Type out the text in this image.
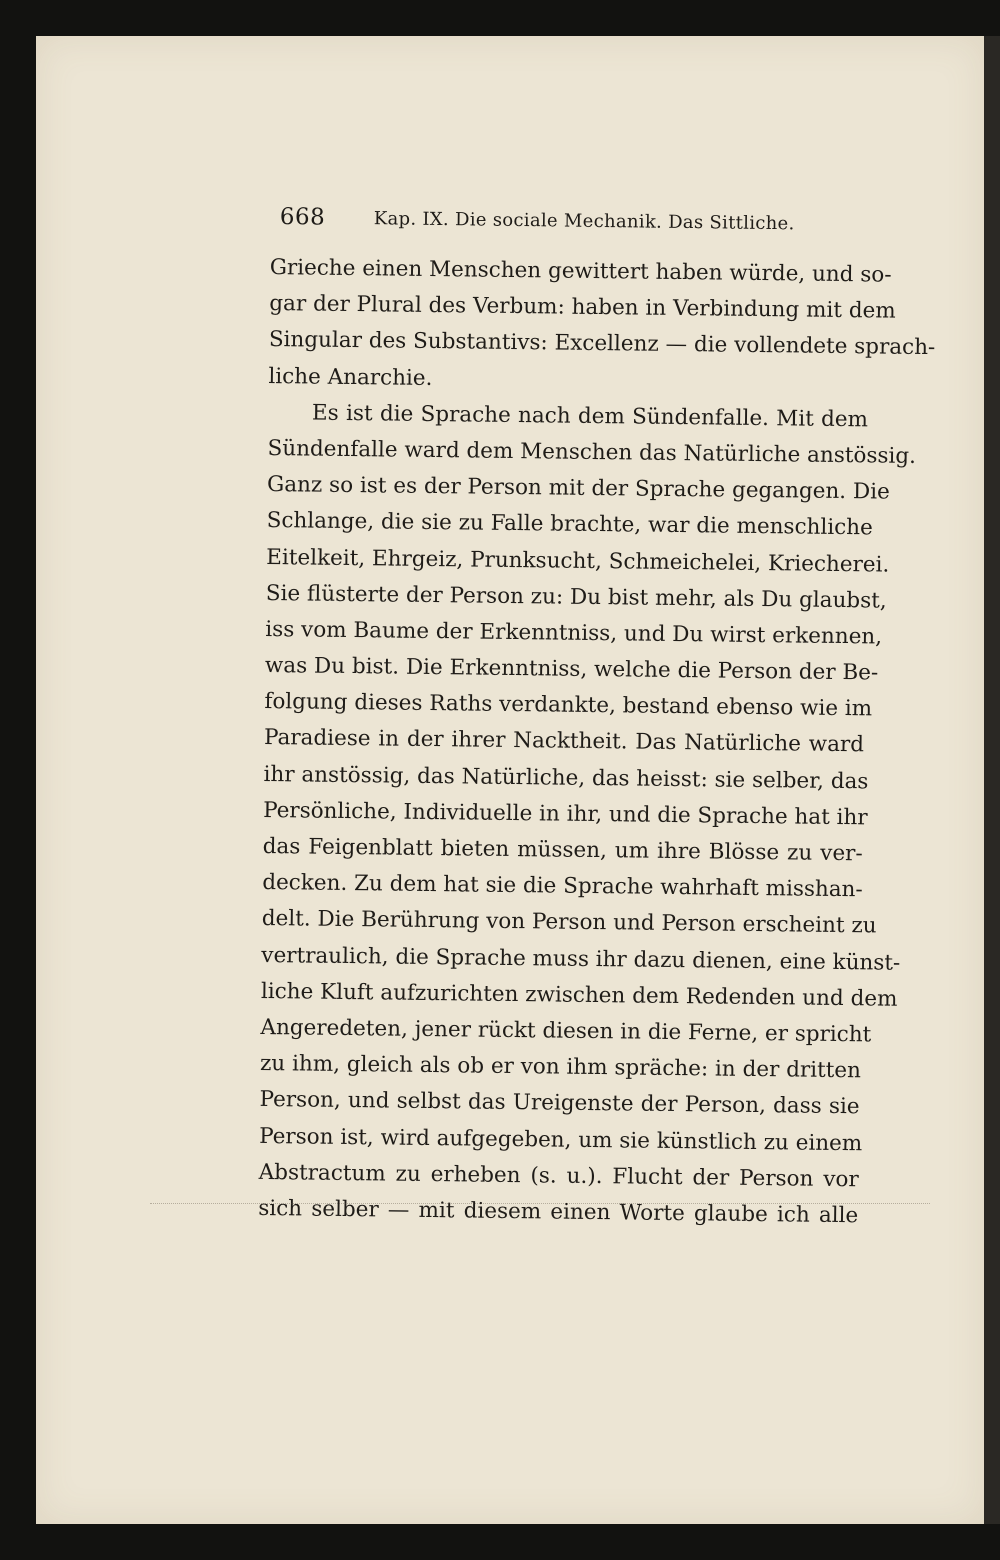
668	Kap. IX. Die sociale Mechanik. Das Sittliche.
Grieche einen Menschen gewittert haben würde, und so-
gar der Plural des Verbum: haben in Verbindung mit dem
Singular des Substantivs: Excellenz — die vollendete sprach-
liche Anarchie.
Es ist die Sprache nach dem Sündenfalle. Mit dem
Sündenfalle ward dem Menschen das Natürliche anstössig.
Ganz so ist es der Person mit der Sprache gegangen. Die
Schlange, die sie zu Falle brachte, war die menschliche
Eitelkeit, Ehrgeiz, Prunksucht, Schmeichelei, Kriecherei.
Sie flüsterte der Person zu: Du bist mehr, als Du glaubst,
iss vom Baume der Erkenntniss, und Du wirst erkennen,
was Du bist. Die Erkenntniss, welche die Person der Be-
folgung dieses Raths verdankte, bestand ebenso wie im
Paradiese in der ihrer Nacktheit. Das Natürliche ward
ihr anstössig, das Natürliche, das heisst: sie selber, das
Persönliche, Individuelle in ihr, und die Sprache hat ihr
das Feigenblatt bieten müssen, um ihre Blösse zu ver-
decken. Zu dem hat sie die Sprache wahrhaft misshan-
delt. Die Berührung von Person und Person erscheint zu
vertraulich, die Sprache muss ihr dazu dienen, eine künst-
liche Kluft aufzurichten zwischen dem Redenden und dem
Angeredeten, jener rückt diesen in die Ferne, er spricht
zu ihm, gleich als ob er von ihm spräche: in der dritten
Person, und selbst das Ureigenste der Person, dass sie
Person ist, wird aufgegeben, um sie künstlich zu einem
Abstractum zu erheben (s. u.). Flucht der Person vor
sich selber — mit diesem einen Worte glaube ich alle
